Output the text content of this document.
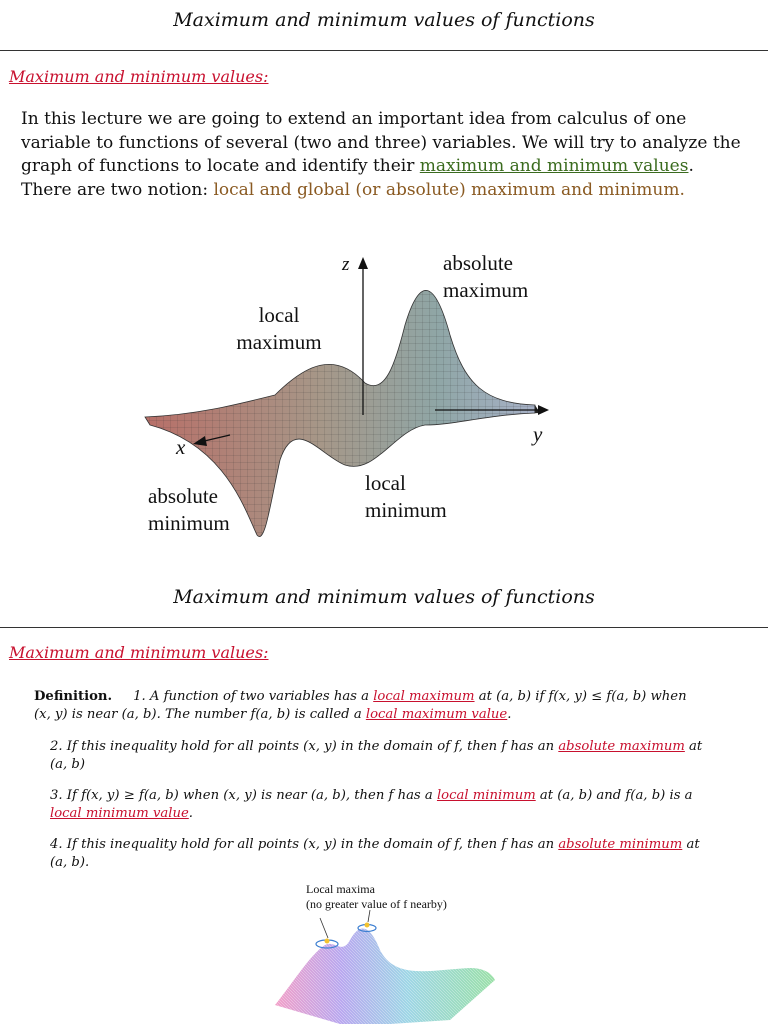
Maximum and minimum values of functions
Maximum and minimum values:
In this lecture we are going to extend an important idea from calculus of one variable to functions of several (two and three) variables. We will try to analyze the graph of functions to locate and identify their maximum and minimum values.
There are two notion: local and global (or absolute) maximum and minimum.
z
x
y
absolute
maximum
local
maximum
absolute
minimum
local
minimum
Maximum and minimum values of functions
Maximum and minimum values:
Definition. 1. A function of two variables has a local maximum at (a, b) if f(x, y) ≤ f(a, b) when (x, y) is near (a, b). The number f(a, b) is called a local maximum value.
2. If this inequality hold for all points (x, y) in the domain of f, then f has an absolute maximum at (a, b)
3. If f(x, y) ≥ f(a, b) when (x, y) is near (a, b), then f has a local minimum at (a, b) and f(a, b) is a local minimum value.
4. If this inequality hold for all points (x, y) in the domain of f, then f has an absolute minimum at (a, b).
Local maxima
(no greater value of f nearby)
